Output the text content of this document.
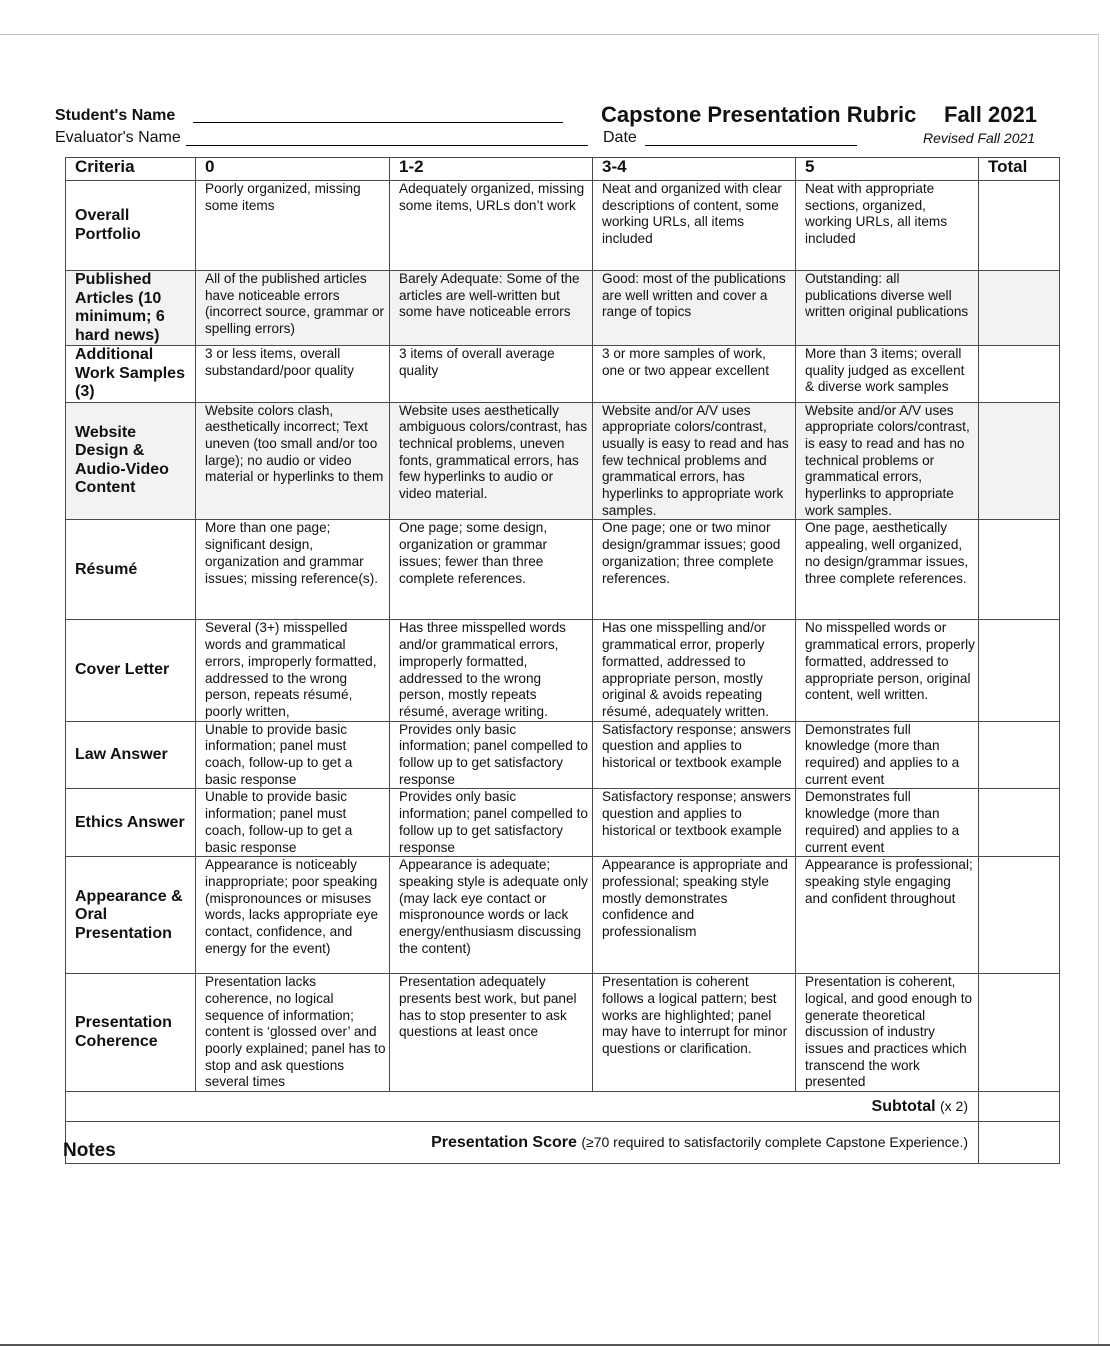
Student's Name
Evaluator's Name
Capstone Presentation Rubric Fall 2021
Date	Revised Fall 2021
Criteria	0	1-2	3-4	5	Total
Overall Portfolio	Poorly organized, missing some items	Adequately organized, missing some items, URLs don’t work	Neat and organized with clear descriptions of content, some working URLs, all items included	Neat with appropriate sections, organized, working URLs, all items included	
Published Articles (10 minimum; 6 hard news)	All of the published articles have noticeable errors (incorrect source, grammar or spelling errors)	Barely Adequate: Some of the articles are well-written but some have noticeable errors	Good: most of the publications are well written and cover a range of topics	Outstanding: all publications diverse well written original publications	
Additional Work Samples (3)	3 or less items, overall substandard/poor quality	3 items of overall average quality	3 or more samples of work, one or two appear excellent	More than 3 items; overall quality judged as excellent & diverse work samples	
Website Design & Audio-Video Content	Website colors clash, aesthetically incorrect; Text uneven (too small and/or too large); no audio or video material or hyperlinks to them	Website uses aesthetically ambiguous colors/contrast, has technical problems, uneven fonts, grammatical errors, has few hyperlinks to audio or video material.	Website and/or A/V uses appropriate colors/contrast, usually is easy to read and has few technical problems and grammatical errors, has hyperlinks to appropriate work samples.	Website and/or A/V uses appropriate colors/contrast, is easy to read and has no technical problems or grammatical errors, hyperlinks to appropriate work samples.	
Résumé	More than one page; significant design, organization and grammar issues; missing reference(s).	One page; some design, organization or grammar issues; fewer than three complete references.	One page; one or two minor design/grammar issues; good organization; three complete references.	One page, aesthetically appealing, well organized, no design/grammar issues, three complete references.	
Cover Letter	Several (3+) misspelled words and grammatical errors, improperly formatted, addressed to the wrong person, repeats résumé, poorly written,	Has three misspelled words and/or grammatical errors, improperly formatted, addressed to the wrong person, mostly repeats résumé, average writing.	Has one misspelling and/or grammatical error, properly formatted, addressed to appropriate person, mostly original & avoids repeating résumé, adequately written.	No misspelled words or grammatical errors, properly formatted, addressed to appropriate person, original content, well written.	
Law Answer	Unable to provide basic information; panel must coach, follow-up to get a basic response	Provides only basic information; panel compelled to follow up to get satisfactory response	Satisfactory response; answers question and applies to historical or textbook example	Demonstrates full knowledge (more than required) and applies to a current event	
Ethics Answer	Unable to provide basic information; panel must coach, follow-up to get a basic response	Provides only basic information; panel compelled to follow up to get satisfactory response	Satisfactory response; answers question and applies to historical or textbook example	Demonstrates full knowledge (more than required) and applies to a current event	
Appearance & Oral Presentation	Appearance is noticeably inappropriate; poor speaking (mispronounces or misuses words, lacks appropriate eye contact, confidence, and energy for the event)	Appearance is adequate; speaking style is adequate only (may lack eye contact or mispronounce words or lack energy/enthusiasm discussing the content)	Appearance is appropriate and professional; speaking style mostly demonstrates confidence and professionalism	Appearance is professional; speaking style engaging and confident throughout	
Presentation Coherence	Presentation lacks coherence, no logical sequence of information; content is ‘glossed over’ and poorly explained; panel has to stop and ask questions several times	Presentation adequately presents best work, but panel has to stop presenter to ask questions at least once	Presentation is coherent follows a logical pattern; best works are highlighted; panel may have to interrupt for minor questions or clarification.	Presentation is coherent, logical, and good enough to generate theoretical discussion of industry issues and practices which transcend the work presented	
Subtotal (x 2)					
Presentation Score (≥70 required to satisfactorily complete Capstone Experience.)					
Notes
